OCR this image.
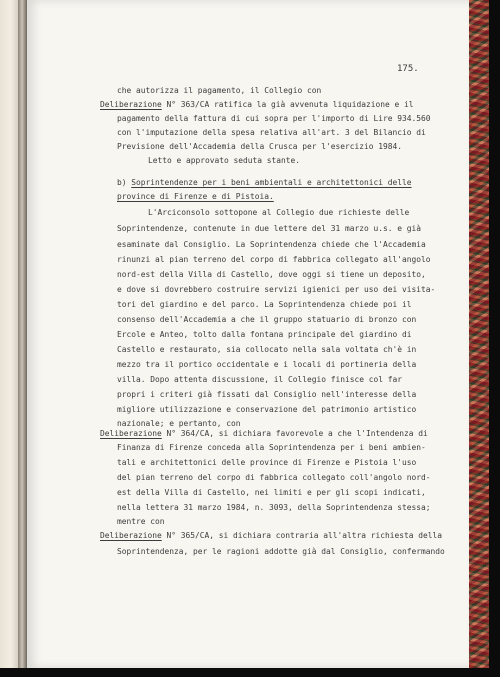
175.
che autorizza il pagamento, il Collegio con
Deliberazione N° 363/CA ratifica la già avvenuta liquidazione e il
pagamento della fattura di cui sopra per l'importo di Lire 934.560
con l'imputazione della spesa relativa all'art. 3 del Bilancio di
Previsione dell'Accademia della Crusca per l'esercizio 1984.
Letto e approvato seduta stante.
b) Soprintendenze per i beni ambientali e architettonici delle
province di Firenze e di Pistoia.
L'Arciconsolo sottopone al Collegio due richieste delle
Soprintendenze, contenute in due lettere del 31 marzo u.s. e già
esaminate dal Consiglio. La Soprintendenza chiede che l'Accademia
rinunzi al pian terreno del corpo di fabbrica collegato all'angolo
nord-est della Villa di Castello, dove oggi si tiene un deposito,
e dove si dovrebbero costruire servizi igienici per uso dei visita-
tori del giardino e del parco. La Soprintendenza chiede poi il
consenso dell'Accademia a che il gruppo statuario di bronzo con
Ercole e Anteo, tolto dalla fontana principale del giardino di
Castello e restaurato, sia collocato nella sala voltata ch'è in
mezzo tra il portico occidentale e i locali di portineria della
villa. Dopo attenta discussione, il Collegio finisce col far
propri i criteri già fissati dal Consiglio nell'interesse della
migliore utilizzazione e conservazione del patrimonio artistico
nazionale; e pertanto, con
Deliberazione N° 364/CA, si dichiara favorevole a che l'Intendenza di
Finanza di Firenze conceda alla Soprintendenza per i beni ambien-
tali e architettonici delle province di Firenze e Pistoia l'uso
del pian terreno del corpo di fabbrica collegato coll'angolo nord-
est della Villa di Castello, nei limiti e per gli scopi indicati,
nella lettera 31 marzo 1984, n. 3093, della Soprintendenza stessa;
mentre con
Deliberazione N° 365/CA, si dichiara contraria all'altra richiesta della
Soprintendenza, per le ragioni addotte già dal Consiglio, confermando
